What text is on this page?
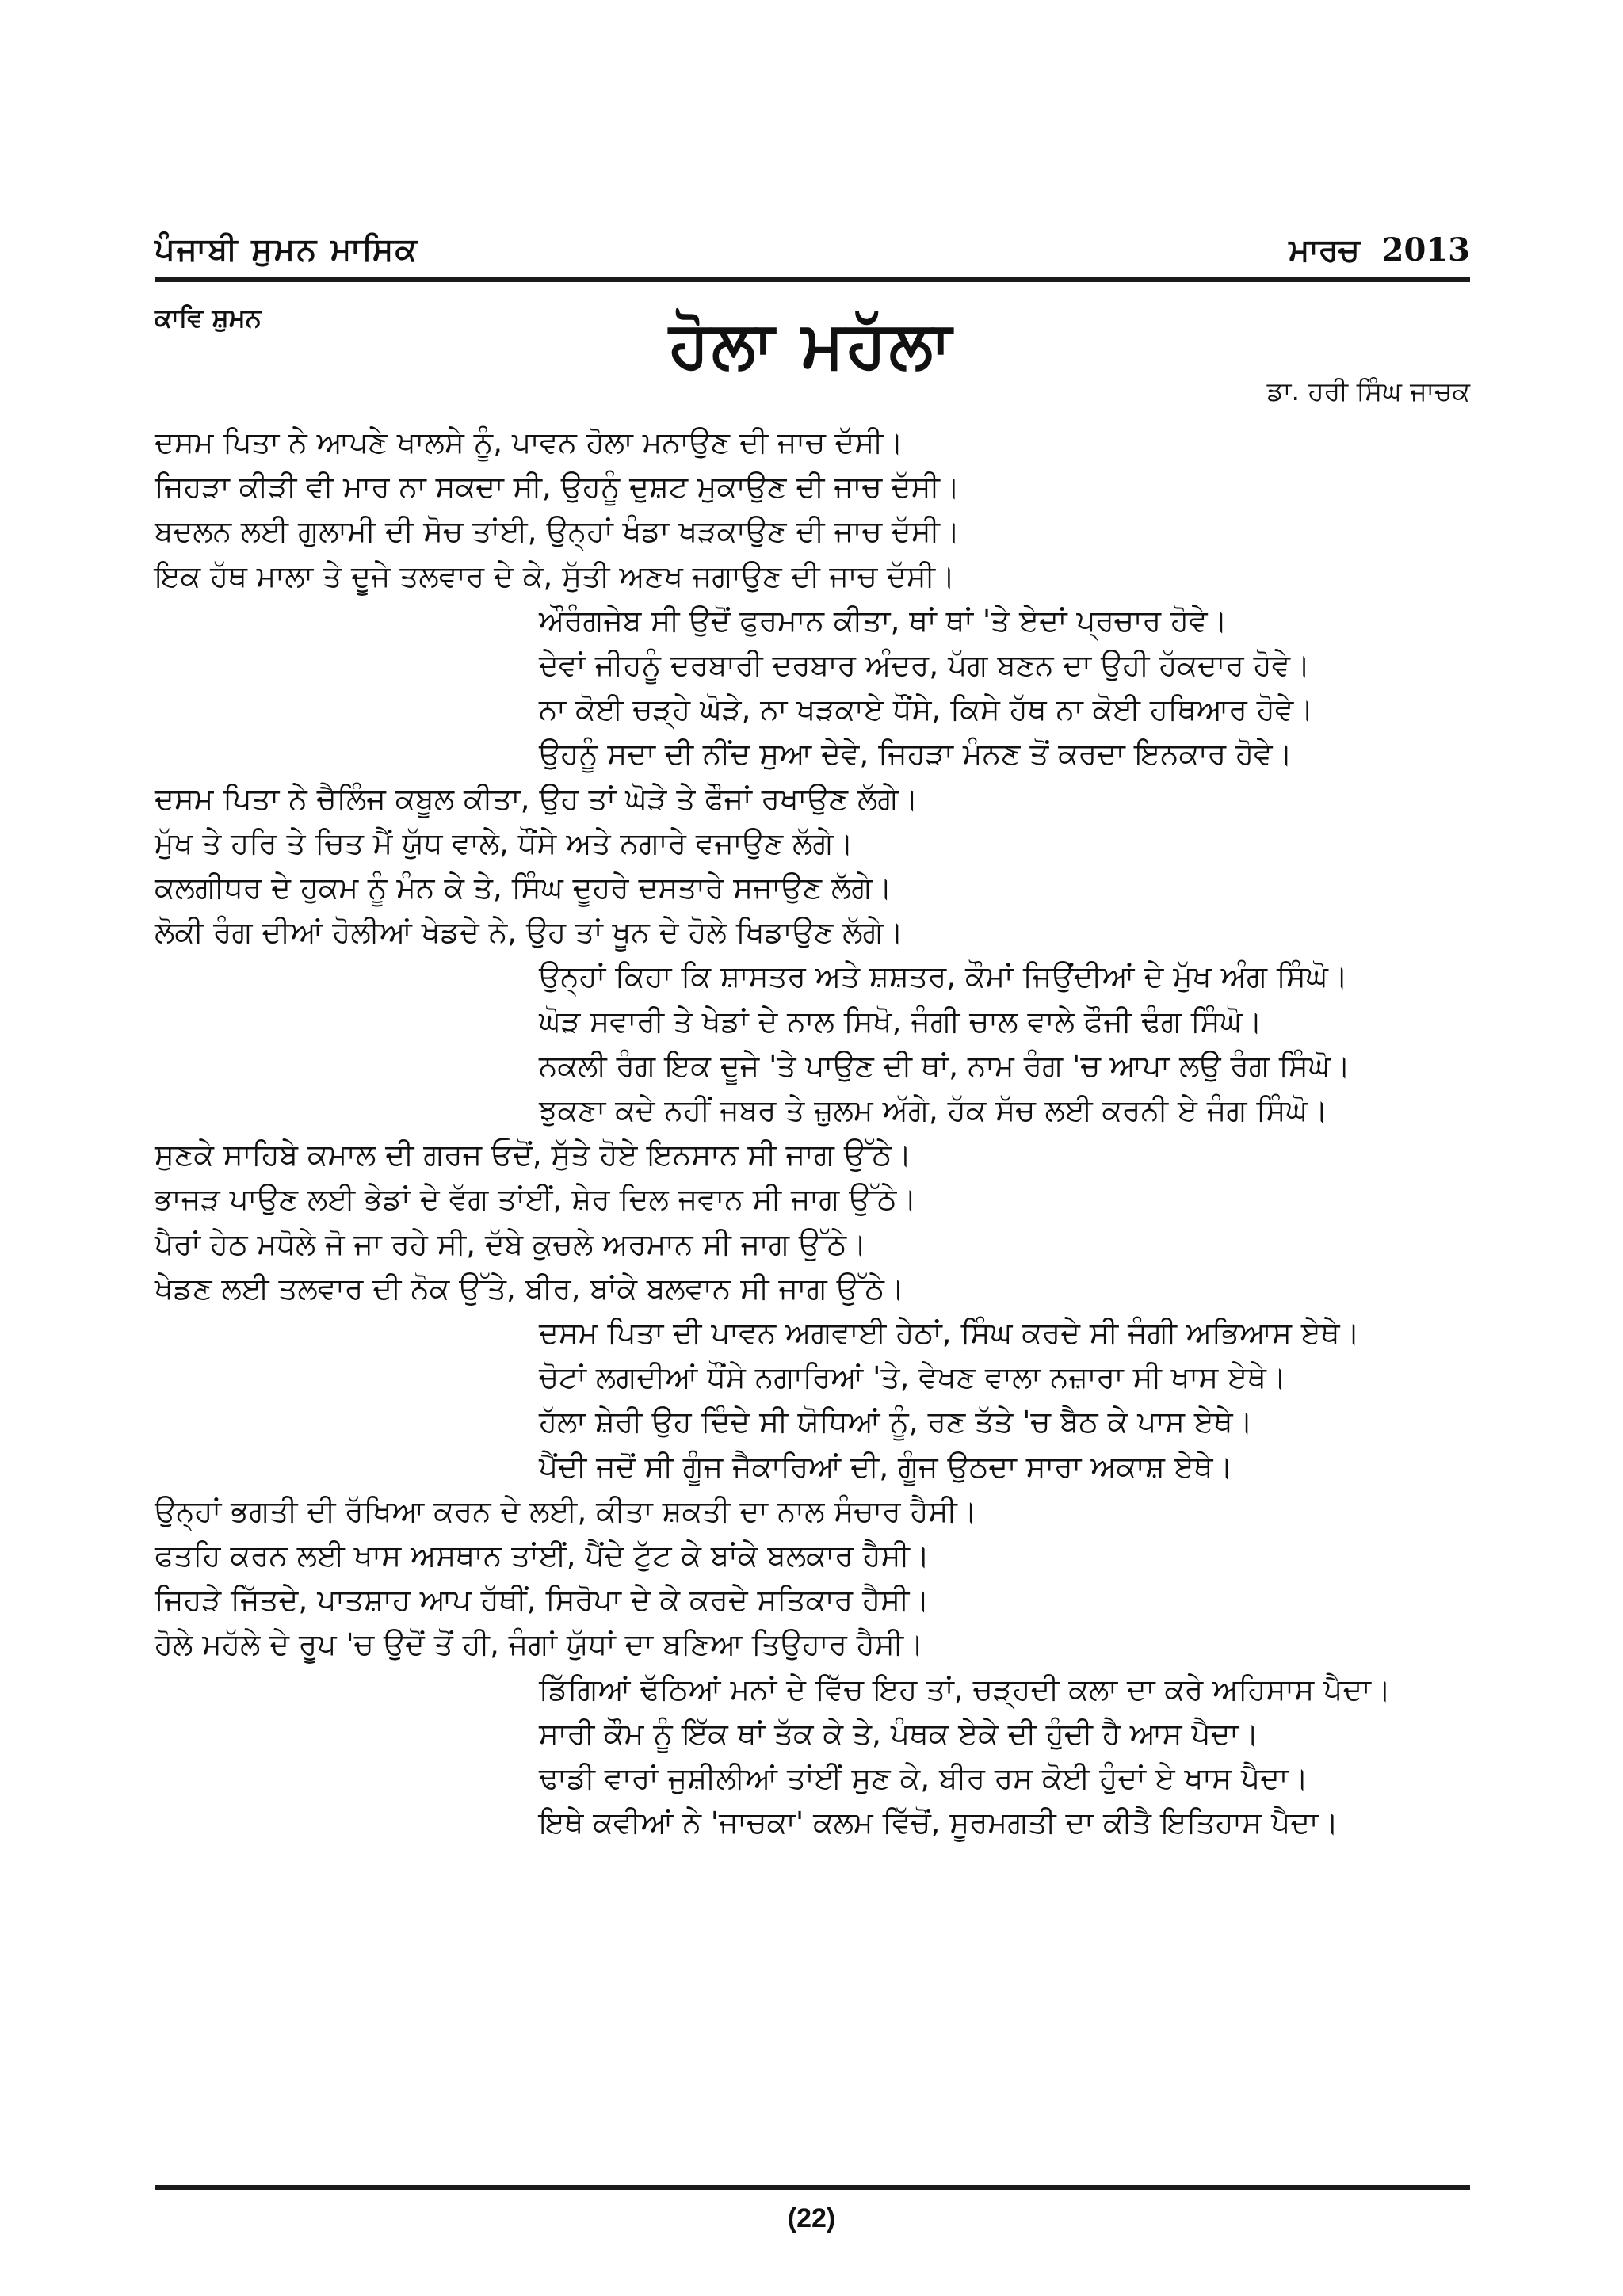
ਪੰਜਾਬੀ ਸੁਮਨ ਮਾਸਿਕ	ਮਾਰਚ 2013
ਕਾਵਿ ਸ਼ੁਮਨ	ਹੋਲਾ ਮਹੱਲਾ
ਡਾ. ਹਰੀ ਸਿੰਘ ਜਾਚਕ
ਦਸਮ ਪਿਤਾ ਨੇ ਆਪਣੇ ਖਾਲਸੇ ਨੂੰ, ਪਾਵਨ ਹੋਲਾ ਮਨਾਉਣ ਦੀ ਜਾਚ ਦੱਸੀ।
ਜਿਹੜਾ ਕੀੜੀ ਵੀ ਮਾਰ ਨਾ ਸਕਦਾ ਸੀ, ਉਹਨੂੰ ਦੁਸ਼ਟ ਮੁਕਾਉਣ ਦੀ ਜਾਚ ਦੱਸੀ।
ਬਦਲਨ ਲਈ ਗੁਲਾਮੀ ਦੀ ਸੋਚ ਤਾਂਈ, ਉਨ੍ਹਾਂ ਖੰਡਾ ਖੜਕਾਉਣ ਦੀ ਜਾਚ ਦੱਸੀ।
ਇਕ ਹੱਥ ਮਾਲਾ ਤੇ ਦੂਜੇ ਤਲਵਾਰ ਦੇ ਕੇ, ਸੁੱਤੀ ਅਣਖ ਜਗਾਉਣ ਦੀ ਜਾਚ ਦੱਸੀ।
ਔਰੰਗਜੇਬ ਸੀ ਉਦੋਂ ਫੁਰਮਾਨ ਕੀਤਾ, ਥਾਂ ਥਾਂ 'ਤੇ ਏਦਾਂ ਪ੍ਰਚਾਰ ਹੋਵੇ।
ਦੇਵਾਂ ਜੀਹਨੂੰ ਦਰਬਾਰੀ ਦਰਬਾਰ ਅੰਦਰ, ਪੱਗ ਬਣਨ ਦਾ ਉਹੀ ਹੱਕਦਾਰ ਹੋਵੇ।
ਨਾ ਕੋਈ ਚੜ੍ਹੇ ਘੋੜੇ, ਨਾ ਖੜਕਾਏ ਧੌਂਸੇ, ਕਿਸੇ ਹੱਥ ਨਾ ਕੋਈ ਹਥਿਆਰ ਹੋਵੇ।
ਉਹਨੂੰ ਸਦਾ ਦੀ ਨੀਂਦ ਸੁਆ ਦੇਵੇ, ਜਿਹੜਾ ਮੰਨਣ ਤੋਂ ਕਰਦਾ ਇਨਕਾਰ ਹੋਵੇ।
ਦਸਮ ਪਿਤਾ ਨੇ ਚੈਲਿੰਜ ਕਬੂਲ ਕੀਤਾ, ਉਹ ਤਾਂ ਘੋੜੇ ਤੇ ਫੌਜਾਂ ਰਖਾਉਣ ਲੱਗੇ।
ਮੁੱਖ ਤੇ ਹਰਿ ਤੇ ਚਿਤ ਮੈਂ ਯੁੱਧ ਵਾਲੇ, ਧੌਂਸੇ ਅਤੇ ਨਗਾਰੇ ਵਜਾਉਣ ਲੱਗੇ।
ਕਲਗੀਧਰ ਦੇ ਹੁਕਮ ਨੂੰ ਮੰਨ ਕੇ ਤੇ, ਸਿੰਘ ਦੂਹਰੇ ਦਸਤਾਰੇ ਸਜਾਉਣ ਲੱਗੇ।
ਲੋਕੀ ਰੰਗ ਦੀਆਂ ਹੋਲੀਆਂ ਖੇਡਦੇ ਨੇ, ਉਹ ਤਾਂ ਖੂਨ ਦੇ ਹੋਲੇ ਖਿਡਾਉਣ ਲੱਗੇ।
ਉਨ੍ਹਾਂ ਕਿਹਾ ਕਿ ਸ਼ਾਸਤਰ ਅਤੇ ਸ਼ਸ਼ਤਰ, ਕੌਮਾਂ ਜਿਉਂਦੀਆਂ ਦੇ ਮੁੱਖ ਅੰਗ ਸਿੰਘੋ।
ਘੋੜ ਸਵਾਰੀ ਤੇ ਖੇਡਾਂ ਦੇ ਨਾਲ ਸਿਖੋ, ਜੰਗੀ ਚਾਲ ਵਾਲੇ ਫੌਜੀ ਢੰਗ ਸਿੰਘੋ।
ਨਕਲੀ ਰੰਗ ਇਕ ਦੂਜੇ 'ਤੇ ਪਾਉਣ ਦੀ ਥਾਂ, ਨਾਮ ਰੰਗ 'ਚ ਆਪਾ ਲਉ ਰੰਗ ਸਿੰਘੋ।
ਝੁਕਣਾ ਕਦੇ ਨਹੀਂ ਜਬਰ ਤੇ ਜ਼ੁਲਮ ਅੱਗੇ, ਹੱਕ ਸੱਚ ਲਈ ਕਰਨੀ ਏ ਜੰਗ ਸਿੰਘੋ।
ਸੁਣਕੇ ਸਾਹਿਬੇ ਕਮਾਲ ਦੀ ਗਰਜ ਓਦੋਂ, ਸੁੱਤੇ ਹੋਏ ਇਨਸਾਨ ਸੀ ਜਾਗ ਉੱਠੇ।
ਭਾਜੜ ਪਾਉਣ ਲਈ ਭੇਡਾਂ ਦੇ ਵੱਗ ਤਾਂਈਂ, ਸ਼ੇਰ ਦਿਲ ਜਵਾਨ ਸੀ ਜਾਗ ਉੱਠੇ।
ਪੈਰਾਂ ਹੇਠ ਮਧੋਲੇ ਜੋ ਜਾ ਰਹੇ ਸੀ, ਦੱਬੇ ਕੁਚਲੇ ਅਰਮਾਨ ਸੀ ਜਾਗ ਉੱਠੇ।
ਖੇਡਣ ਲਈ ਤਲਵਾਰ ਦੀ ਨੋਕ ਉੱਤੇ, ਬੀਰ, ਬਾਂਕੇ ਬਲਵਾਨ ਸੀ ਜਾਗ ਉੱਠੇ।
ਦਸਮ ਪਿਤਾ ਦੀ ਪਾਵਨ ਅਗਵਾਈ ਹੇਠਾਂ, ਸਿੰਘ ਕਰਦੇ ਸੀ ਜੰਗੀ ਅਭਿਆਸ ਏਥੇ।
ਚੋਟਾਂ ਲਗਦੀਆਂ ਧੌਂਸੇ ਨਗਾਰਿਆਂ 'ਤੇ, ਵੇਖਣ ਵਾਲਾ ਨਜ਼ਾਰਾ ਸੀ ਖਾਸ ਏਥੇ।
ਹੱਲਾ ਸ਼ੇਰੀ ਉਹ ਦਿੰਦੇ ਸੀ ਯੋਧਿਆਂ ਨੂੰ, ਰਣ ਤੱਤੇ 'ਚ ਬੈਠ ਕੇ ਪਾਸ ਏਥੇ।
ਪੈਂਦੀ ਜਦੋਂ ਸੀ ਗੂੰਜ ਜੈਕਾਰਿਆਂ ਦੀ, ਗੂੰਜ ਉਠਦਾ ਸਾਰਾ ਅਕਾਸ਼ ਏਥੇ।
ਉਨ੍ਹਾਂ ਭਗਤੀ ਦੀ ਰੱਖਿਆ ਕਰਨ ਦੇ ਲਈ, ਕੀਤਾ ਸ਼ਕਤੀ ਦਾ ਨਾਲ ਸੰਚਾਰ ਹੈਸੀ।
ਫਤਹਿ ਕਰਨ ਲਈ ਖਾਸ ਅਸਥਾਨ ਤਾਂਈਂ, ਪੈਂਦੇ ਟੁੱਟ ਕੇ ਬਾਂਕੇ ਬਲਕਾਰ ਹੈਸੀ।
ਜਿਹੜੇ ਜਿੱਤਦੇ, ਪਾਤਸ਼ਾਹ ਆਪ ਹੱਥੀਂ, ਸਿਰੋਪਾ ਦੇ ਕੇ ਕਰਦੇ ਸਤਿਕਾਰ ਹੈਸੀ।
ਹੋਲੇ ਮਹੱਲੇ ਦੇ ਰੂਪ 'ਚ ਉਦੋਂ ਤੋਂ ਹੀ, ਜੰਗਾਂ ਯੁੱਧਾਂ ਦਾ ਬਣਿਆ ਤਿਉਹਾਰ ਹੈਸੀ।
ਡਿੱਗਿਆਂ ਢੱਠਿਆਂ ਮਨਾਂ ਦੇ ਵਿੱਚ ਇਹ ਤਾਂ, ਚੜ੍ਹਦੀ ਕਲਾ ਦਾ ਕਰੇ ਅਹਿਸਾਸ ਪੈਦਾ।
ਸਾਰੀ ਕੌਮ ਨੂੰ ਇੱਕ ਥਾਂ ਤੱਕ ਕੇ ਤੇ, ਪੰਥਕ ਏਕੇ ਦੀ ਹੁੰਦੀ ਹੈ ਆਸ ਪੈਦਾ।
ਢਾਡੀ ਵਾਰਾਂ ਜੁਸ਼ੀਲੀਆਂ ਤਾਂਈਂ ਸੁਣ ਕੇ, ਬੀਰ ਰਸ ਕੋਈ ਹੁੰਦਾਂ ਏ ਖਾਸ ਪੈਦਾ।
ਇਥੇ ਕਵੀਆਂ ਨੇ 'ਜਾਚਕਾ' ਕਲਮ ਵਿੱਚੋਂ, ਸੂਰਮਗਤੀ ਦਾ ਕੀਤੈ ਇਤਿਹਾਸ ਪੈਦਾ।
(22)
